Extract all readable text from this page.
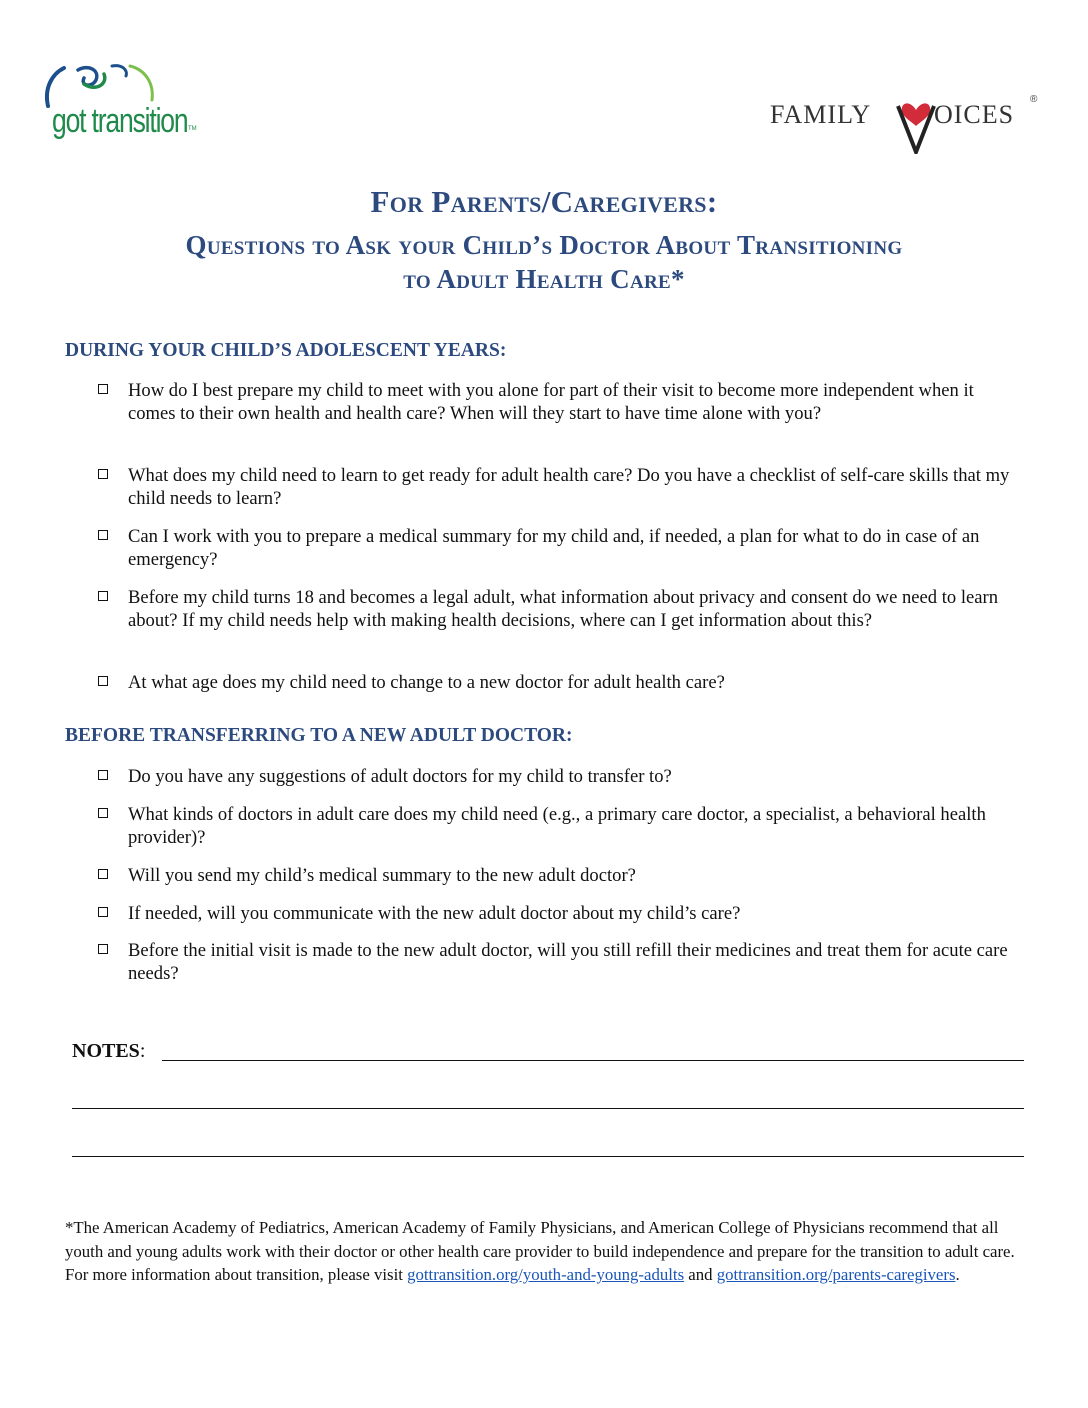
got transition TM	FAMILY
V
OICES
®
For Parents/Caregivers:
Questions to Ask your Child’s Doctor About Transitioning
to Adult Health Care*
DURING YOUR CHILD’S ADOLESCENT YEARS:
How do I best prepare my child to meet with you alone for part of their visit to become more independent when it comes to their own health and health care? When will they start to have time alone with you?
What does my child need to learn to get ready for adult health care? Do you have a checklist of self-care skills that my child needs to learn?
Can I work with you to prepare a medical summary for my child and, if needed, a plan for what to do in case of an emergency?
Before my child turns 18 and becomes a legal adult, what information about privacy and consent do we need to learn about? If my child needs help with making health decisions, where can I get information about this?
At what age does my child need to change to a new doctor for adult health care?
BEFORE TRANSFERRING TO A NEW ADULT DOCTOR:
Do you have any suggestions of adult doctors for my child to transfer to?
What kinds of doctors in adult care does my child need (e.g., a primary care doctor, a specialist, a behavioral health provider)?
Will you send my child’s medical summary to the new adult doctor?
If needed, will you communicate with the new adult doctor about my child’s care?
Before the initial visit is made to the new adult doctor, will you still refill their medicines and treat them for acute care needs?
NOTES:
*The American Academy of Pediatrics, American Academy of Family Physicians, and American College of Physicians recommend that all youth and young adults work with their doctor or other health care provider to build independence and prepare for the transition to adult care. For more information about transition, please visit gottransition.org/youth-and-young-adults and gottransition.org/parents-caregivers.
